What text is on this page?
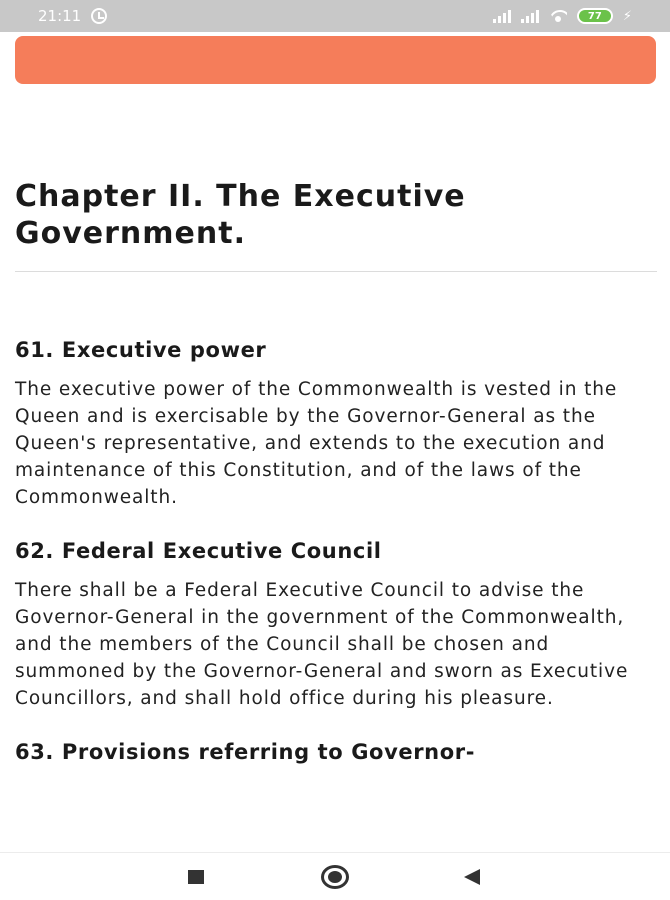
21:11	77 ⚡
Chapter II. The Executive
Government.
61. Executive power

The executive power of the Commonwealth is vested in the Queen and is exercisable by the Governor-General as the Queen's representative, and extends to the execution and maintenance of this Constitution, and of the laws of the Commonwealth.

62. Federal Executive Council

There shall be a Federal Executive Council to advise the Governor-General in the government of the Commonwealth, and the members of the Council shall be chosen and summoned by the Governor-General and sworn as Executive Councillors, and shall hold office during his pleasure.

63. Provisions referring to Governor-
